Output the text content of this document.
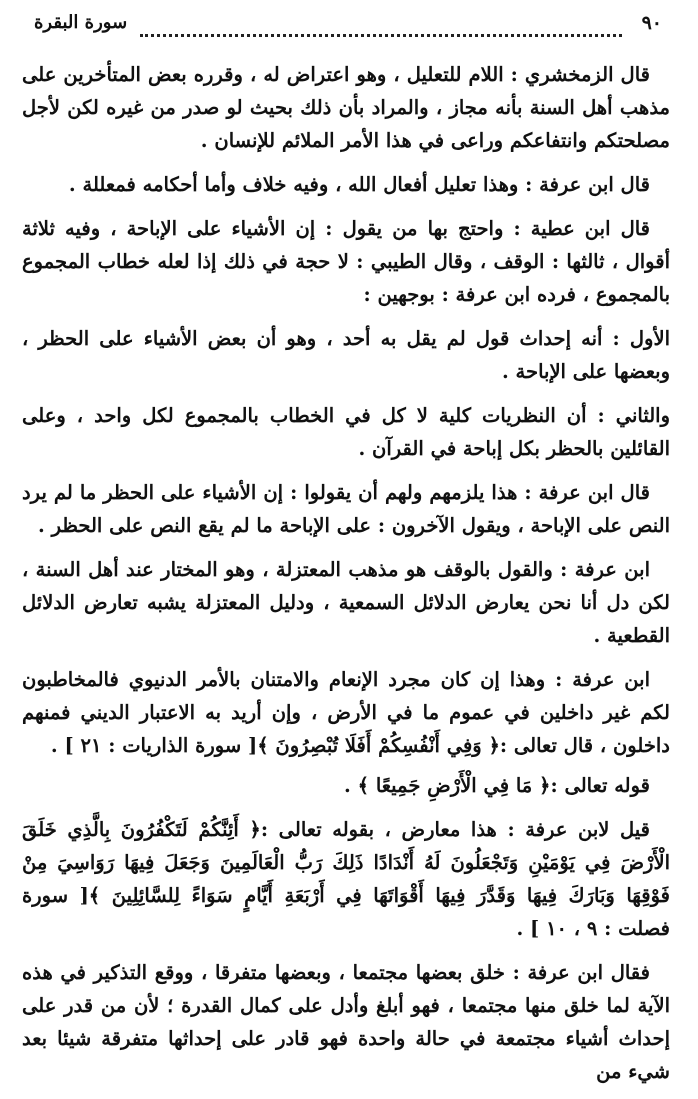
٩٠
سورة البقرة

قال الزمخشري : اللام للتعليل ، وهو اعتراض له ، وقرره بعض المتأخرين على مذهب أهل السنة بأنه مجاز ، والمراد بأن ذلك بحيث لو صدر من غيره لكن لأجل مصلحتكم وانتفاعكم وراعى في هذا الأمر الملائم للإنسان .

قال ابن عرفة : وهذا تعليل أفعال الله ، وفيه خلاف وأما أحكامه فمعللة .

قال ابن عطية : واحتج بها من يقول : إن الأشياء على الإباحة ، وفيه ثلاثة أقوال ، ثالثها : الوقف ، وقال الطيبي : لا حجة في ذلك إذا لعله خطاب المجموع بالمجموع ، فرده ابن عرفة : بوجهين :

الأول : أنه إحداث قول لم يقل به أحد ، وهو أن بعض الأشياء على الحظر ، وبعضها على الإباحة .

والثاني : أن النظريات كلية لا كل في الخطاب بالمجموع لكل واحد ، وعلى القائلين بالحظر بكل إباحة في القرآن .

قال ابن عرفة : هذا يلزمهم ولهم أن يقولوا : إن الأشياء على الحظر ما لم يرد النص على الإباحة ، ويقول الآخرون : على الإباحة ما لم يقع النص على الحظر .

ابن عرفة : والقول بالوقف هو مذهب المعتزلة ، وهو المختار عند أهل السنة ، لكن دل أنا نحن يعارض الدلائل السمعية ، ودليل المعتزلة يشبه تعارض الدلائل القطعية .

ابن عرفة : وهذا إن كان مجرد الإنعام والامتنان بالأمر الدنيوي فالمخاطبون لكم غير داخلين في عموم ما في الأرض ، وإن أريد به الاعتبار الديني فمنهم داخلون ، قال تعالى :﴿ وَفِي أَنْفُسِكُمْ أَفَلَا تُبْصِرُونَ ﴾[ سورة الذاريات : ٢١ ] .

قوله تعالى :﴿ مَا فِي الْأَرْضِ جَمِيعًا ﴾ .

قيل لابن عرفة : هذا معارض ، بقوله تعالى :﴿ أَئِنَّكُمْ لَتَكْفُرُونَ بِالَّذِي خَلَقَ الْأَرْضَ فِي يَوْمَيْنِ وَتَجْعَلُونَ لَهُ أَنْدَادًا ذَلِكَ رَبُّ الْعَالَمِينَ وَجَعَلَ فِيهَا رَوَاسِيَ مِنْ فَوْقِهَا وَبَارَكَ فِيهَا وَقَدَّرَ فِيهَا أَقْوَاتَهَا فِي أَرْبَعَةِ أَيَّامٍ سَوَاءً لِلسَّائِلِينَ ﴾[ سورة فصلت : ٩ ، ١٠ ] .

فقال ابن عرفة : خلق بعضها مجتمعا ، وبعضها متفرقا ، ووقع التذكير في هذه الآية لما خلق منها مجتمعا ، فهو أبلغ وأدل على كمال القدرة ؛ لأن من قدر على إحداث أشياء مجتمعة في حالة واحدة فهو قادر على إحداثها متفرقة شيئا بعد شيء من
